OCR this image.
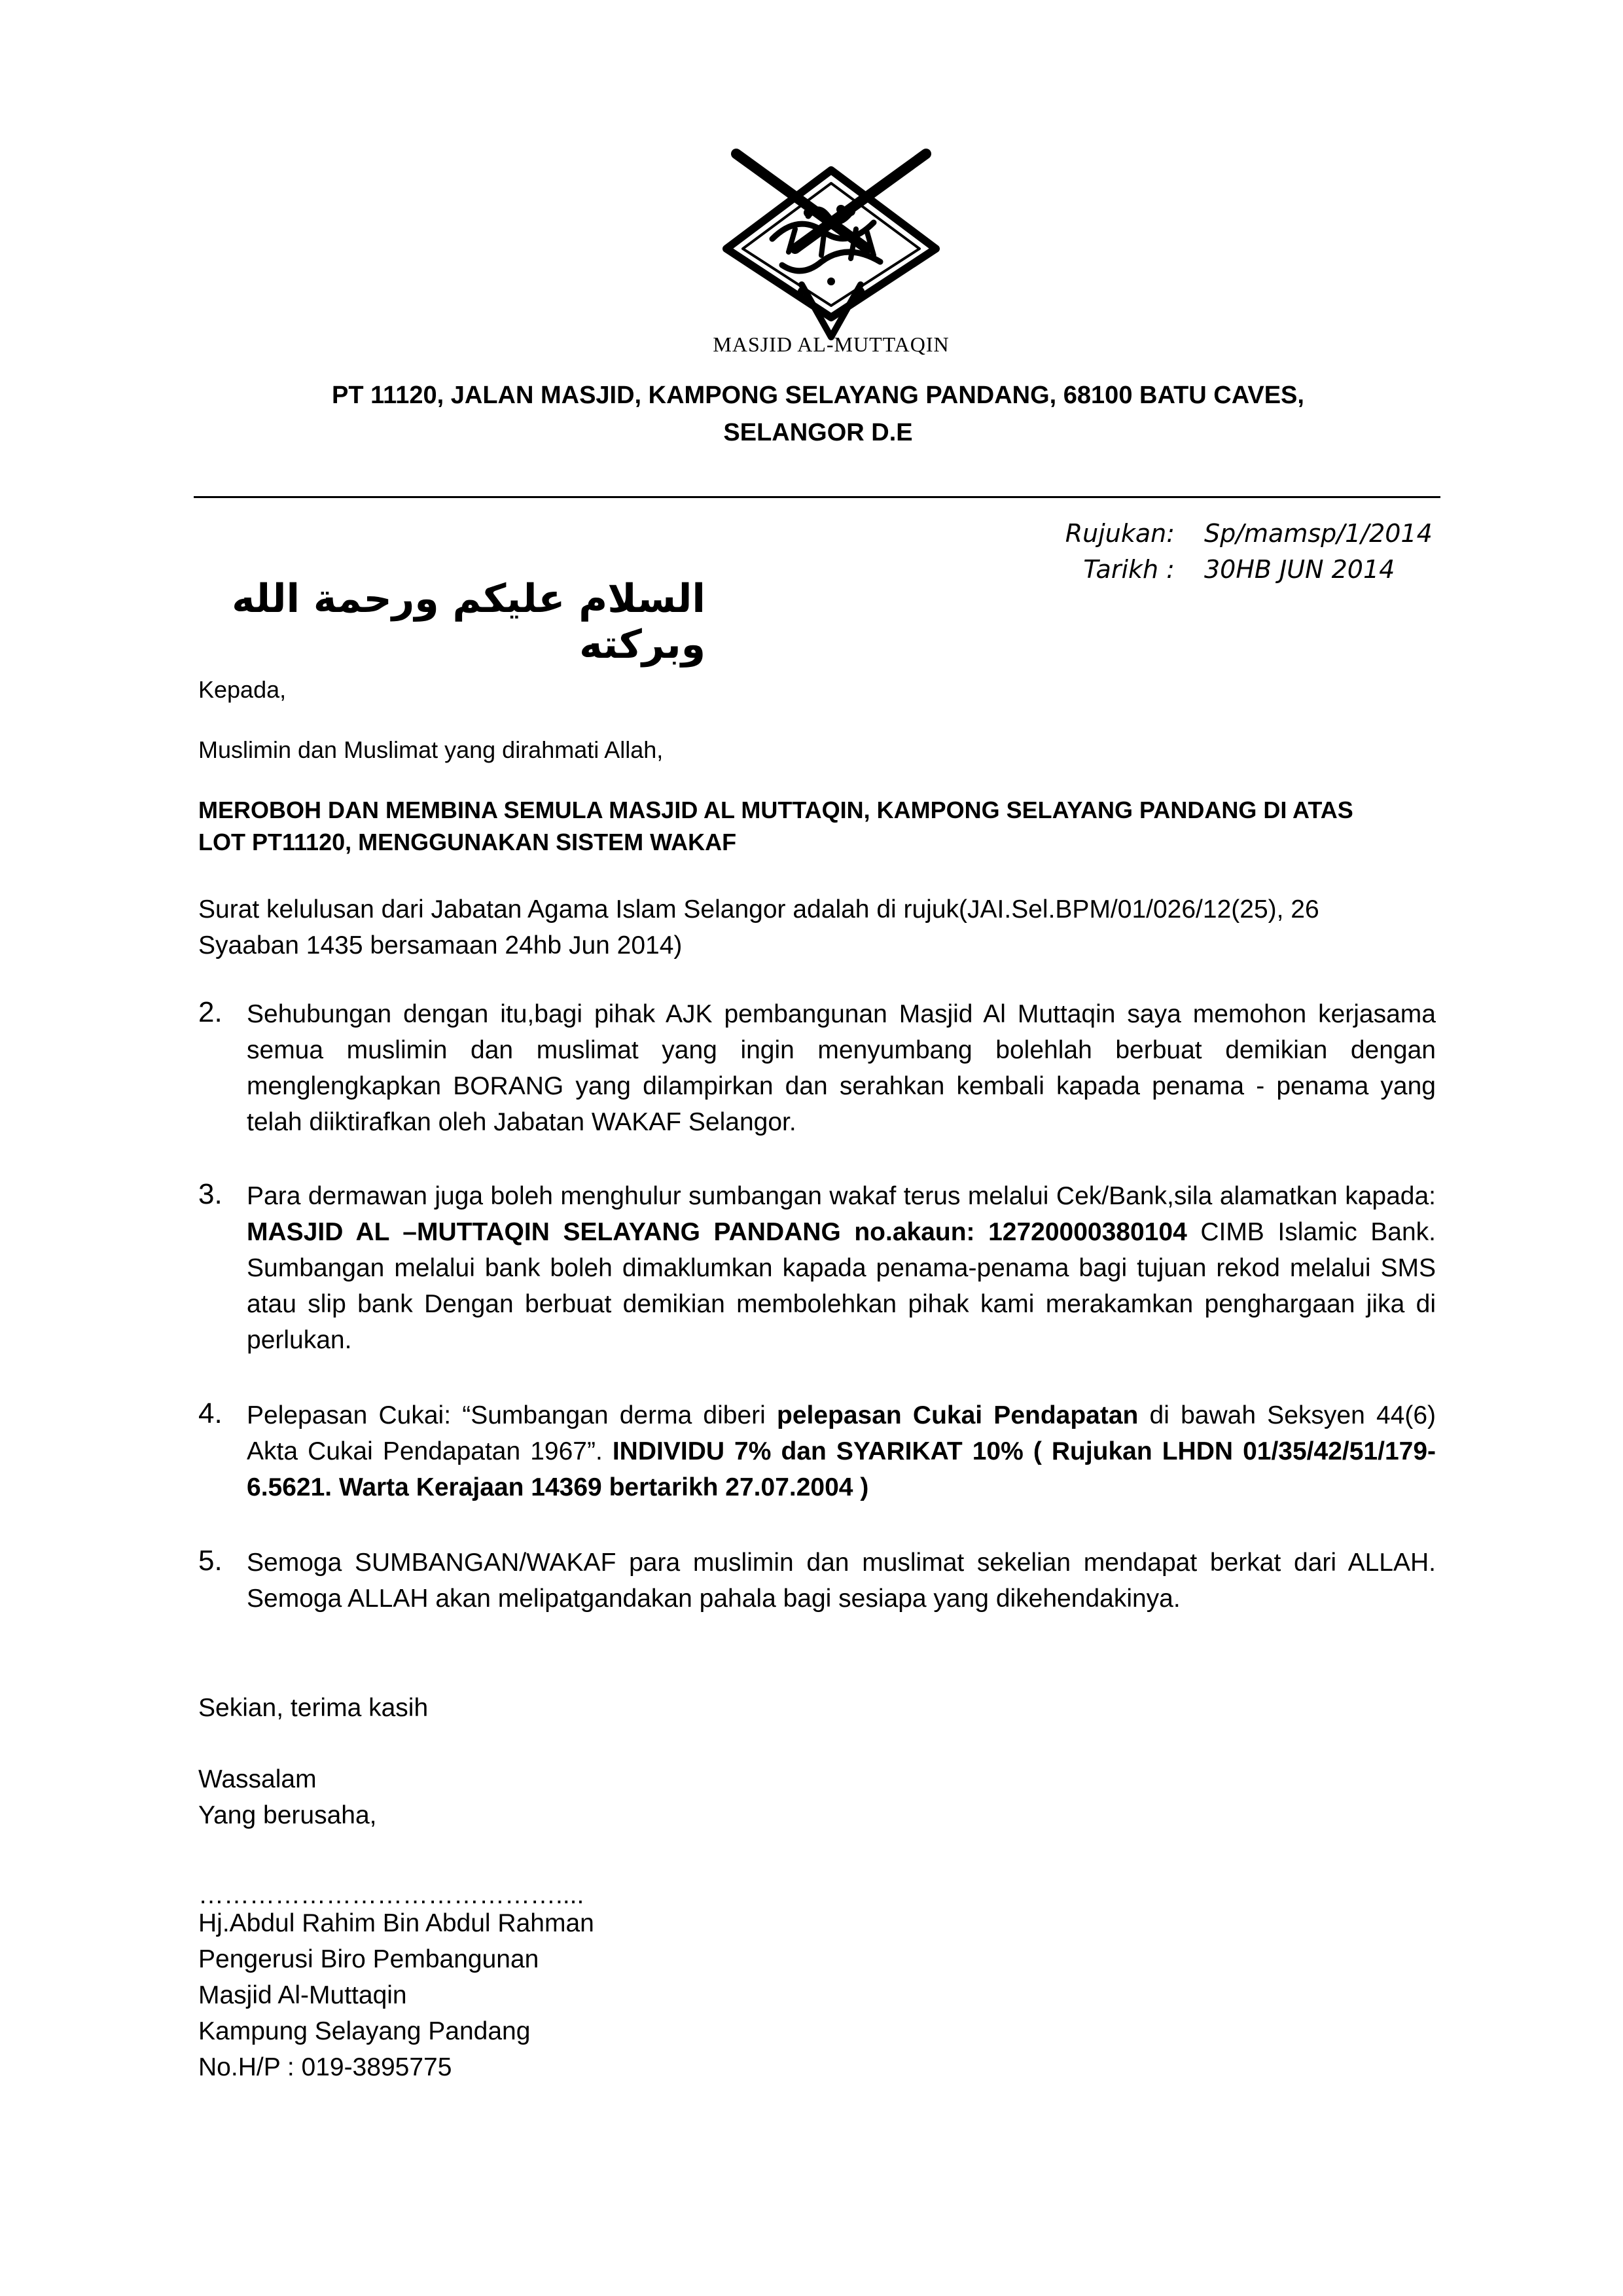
MASJID AL-MUTTAQIN
PT 11120, JALAN MASJID, KAMPONG SELAYANG PANDANG, 68100 BATU CAVES,
SELANGOR D.E
Rujukan: Sp/mamsp/1/2014
Tarikh : 30HB JUN 2014
السلام عليكم ورحمة الله وبركته
Kepada,
Muslimin dan Muslimat yang dirahmati Allah,
MEROBOH DAN MEMBINA SEMULA MASJID AL MUTTAQIN, KAMPONG SELAYANG PANDANG DI ATAS
LOT PT11120, MENGGUNAKAN SISTEM WAKAF
Surat kelulusan dari Jabatan Agama Islam Selangor adalah di rujuk(JAI.Sel.BPM/01/026/12(25), 26
Syaaban 1435 bersamaan 24hb Jun 2014)
2. Sehubungan dengan itu,bagi pihak AJK pembangunan Masjid Al Muttaqin saya memohon kerjasama semua muslimin dan muslimat yang ingin menyumbang bolehlah berbuat demikian dengan menglengkapkan BORANG yang dilampirkan dan serahkan kembali kapada penama - penama yang telah diiktirafkan oleh Jabatan WAKAF Selangor.
3. Para dermawan juga boleh menghulur sumbangan wakaf terus melalui Cek/Bank,sila alamatkan kapada: MASJID AL –MUTTAQIN SELAYANG PANDANG no.akaun: 12720000380104 CIMB Islamic Bank. Sumbangan melalui bank boleh dimaklumkan kapada penama-penama bagi tujuan rekod melalui SMS atau slip bank Dengan berbuat demikian membolehkan pihak kami merakamkan penghargaan jika di perlukan.
4. Pelepasan Cukai: “Sumbangan derma diberi pelepasan Cukai Pendapatan di bawah Seksyen 44(6) Akta Cukai Pendapatan 1967”. INDIVIDU 7% dan SYARIKAT 10% ( Rujukan LHDN 01/35/42/51/179-6.5621. Warta Kerajaan 14369 bertarikh 27.07.2004 )
5. Semoga SUMBANGAN/WAKAF para muslimin dan muslimat sekelian mendapat berkat dari ALLAH. Semoga ALLAH akan melipatgandakan pahala bagi sesiapa yang dikehendakinya.
Sekian, terima kasih
Wassalam
Yang berusaha,
……………………………………....
Hj.Abdul Rahim Bin Abdul Rahman
Pengerusi Biro Pembangunan
Masjid Al-Muttaqin
Kampung Selayang Pandang
No.H/P : 019-3895775
